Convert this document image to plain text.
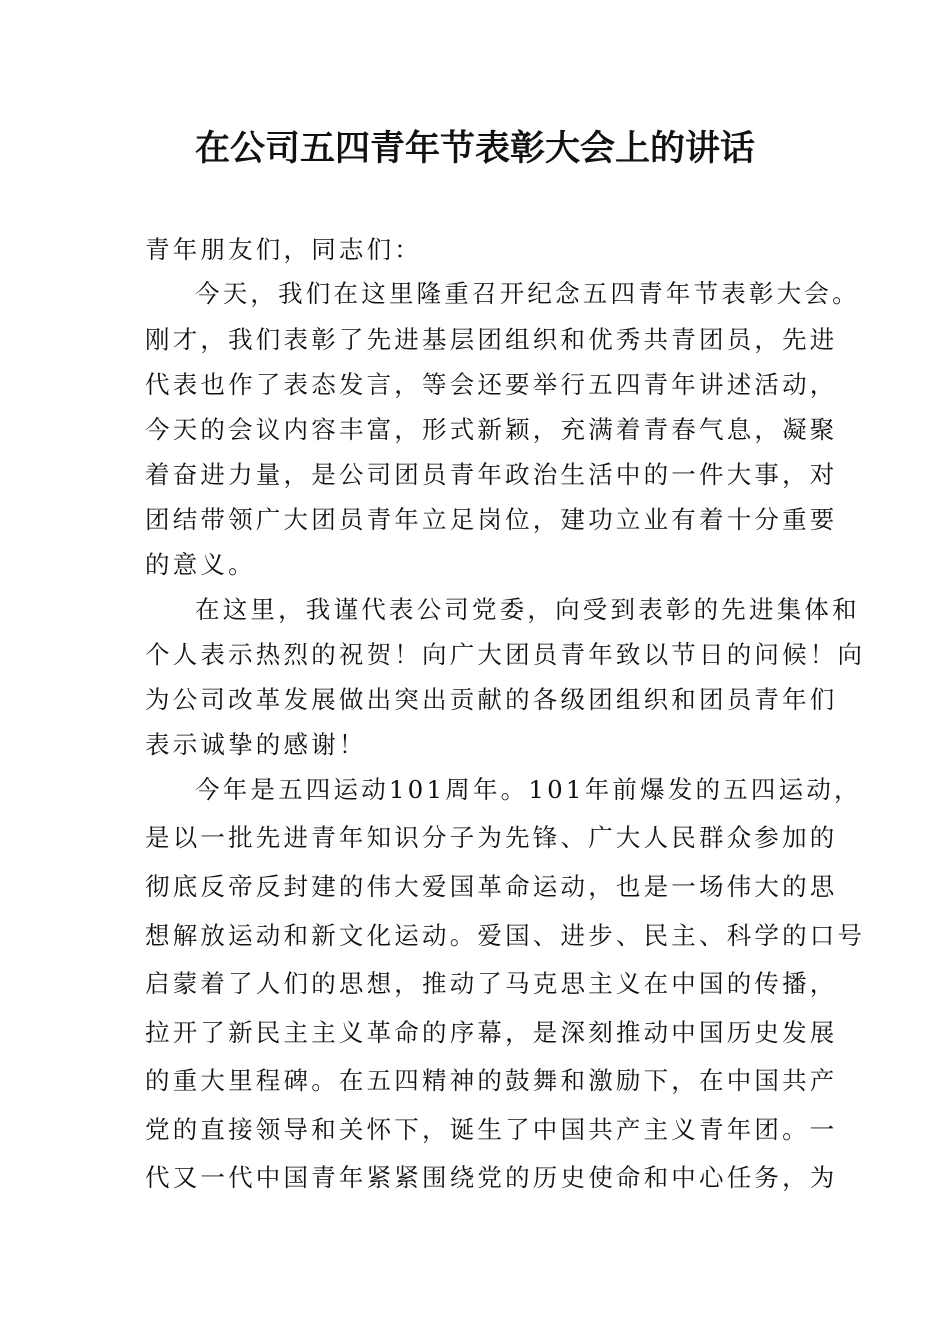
在公司五四青年节表彰大会上的讲话
青年朋友们，同志们：
今天，我们在这里隆重召开纪念五四青年节表彰大会。
刚才，我们表彰了先进基层团组织和优秀共青团员，先进
代表也作了表态发言，等会还要举行五四青年讲述活动，
今天的会议内容丰富，形式新颖，充满着青春气息，凝聚
着奋进力量，是公司团员青年政治生活中的一件大事，对
团结带领广大团员青年立足岗位，建功立业有着十分重要
的意义。
在这里，我谨代表公司党委，向受到表彰的先进集体和
个人表示热烈的祝贺！向广大团员青年致以节日的问候！向
为公司改革发展做出突出贡献的各级团组织和团员青年们
表示诚挚的感谢！
今年是五四运动101周年。101年前爆发的五四运动，
是以一批先进青年知识分子为先锋、广大人民群众参加的
彻底反帝反封建的伟大爱国革命运动，也是一场伟大的思
想解放运动和新文化运动。爱国、进步、民主、科学的口号
启蒙着了人们的思想，推动了马克思主义在中国的传播，
拉开了新民主主义革命的序幕，是深刻推动中国历史发展
的重大里程碑。在五四精神的鼓舞和激励下，在中国共产
党的直接领导和关怀下，诞生了中国共产主义青年团。一
代又一代中国青年紧紧围绕党的历史使命和中心任务，为
